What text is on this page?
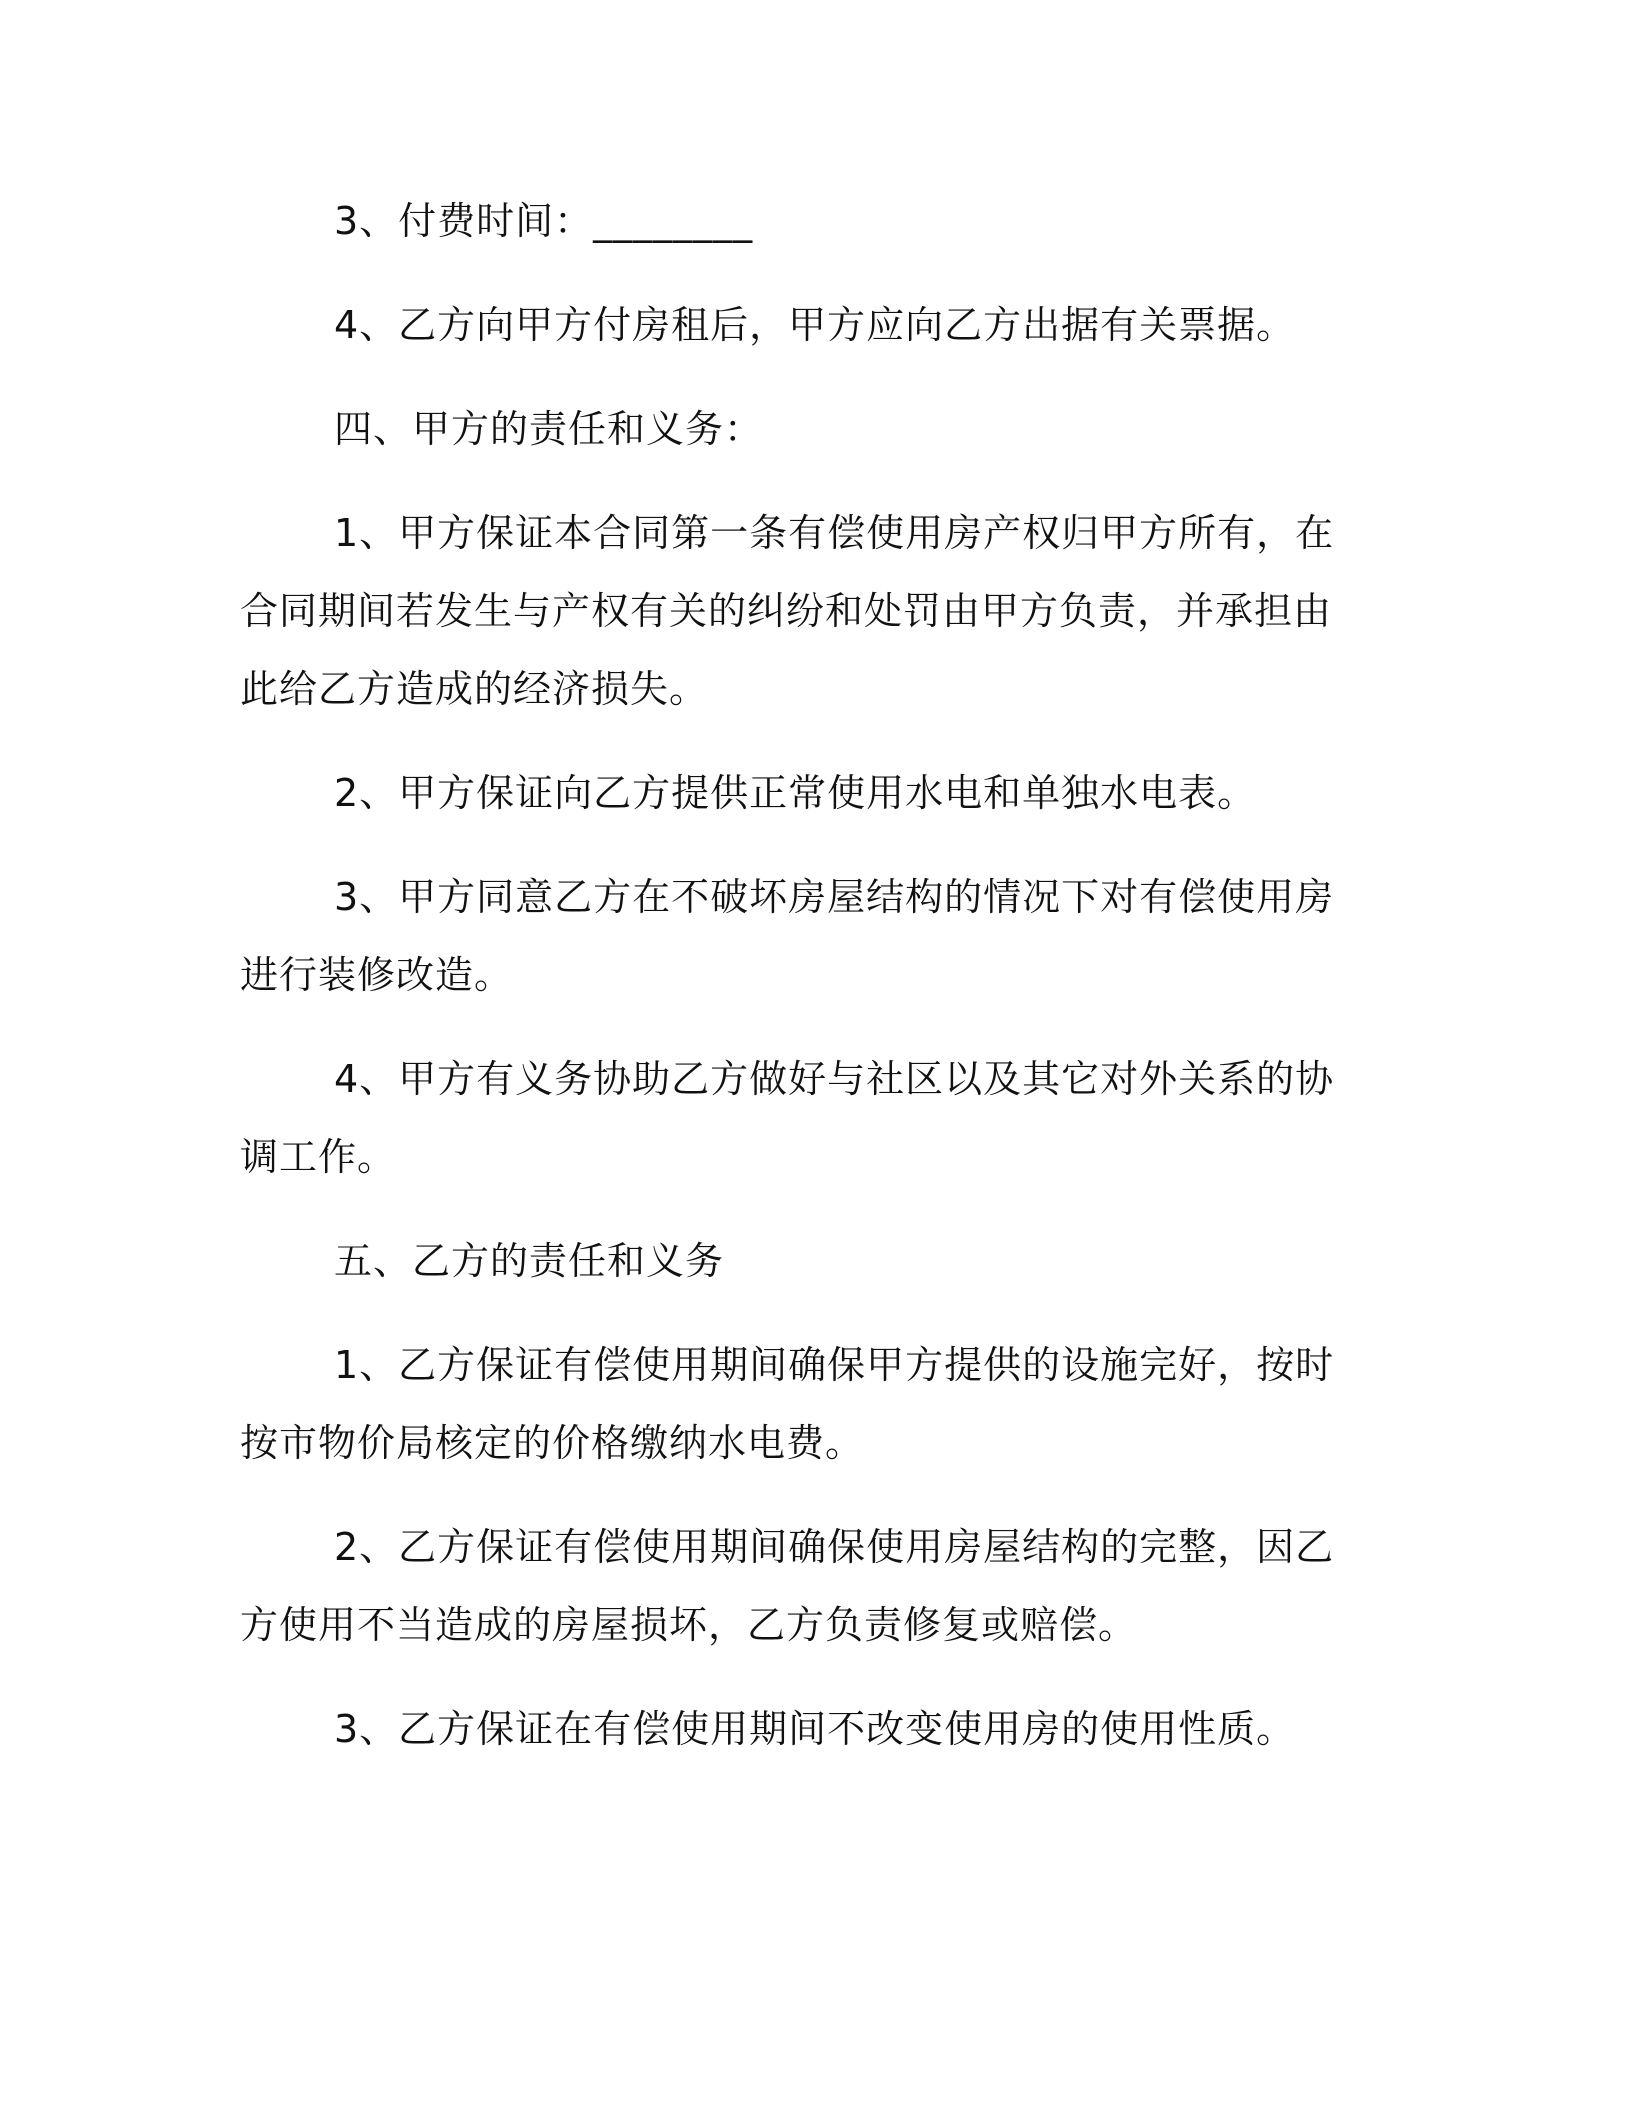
3、付费时间：________

4、乙方向甲方付房租后，甲方应向乙方出据有关票据。

四、甲方的责任和义务：

1、甲方保证本合同第一条有偿使用房产权归甲方所有，在合同期间若发生与产权有关的纠纷和处罚由甲方负责，并承担由此给乙方造成的经济损失。

2、甲方保证向乙方提供正常使用水电和单独水电表。

3、甲方同意乙方在不破坏房屋结构的情况下对有偿使用房进行装修改造。

4、甲方有义务协助乙方做好与社区以及其它对外关系的协调工作。

五、乙方的责任和义务

1、乙方保证有偿使用期间确保甲方提供的设施完好，按时按市物价局核定的价格缴纳水电费。

2、乙方保证有偿使用期间确保使用房屋结构的完整，因乙方使用不当造成的房屋损坏，乙方负责修复或赔偿。

3、乙方保证在有偿使用期间不改变使用房的使用性质。
